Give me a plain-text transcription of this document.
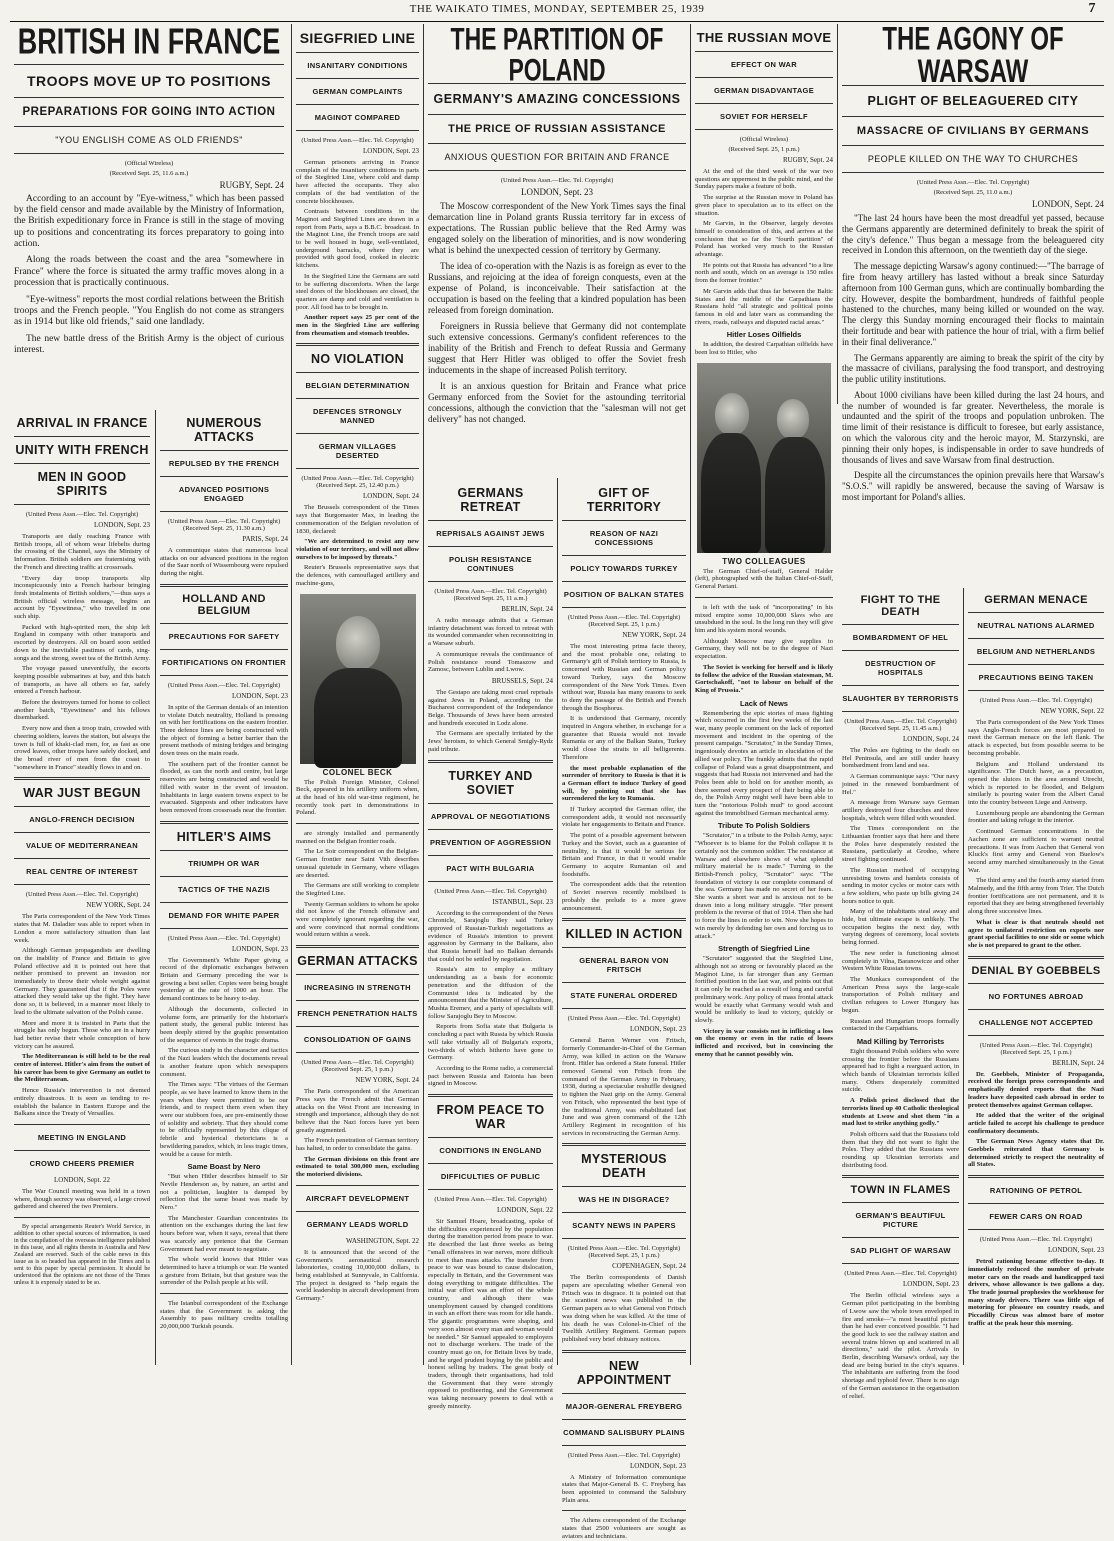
THE WAIKATO TIMES, MONDAY, SEPTEMBER 25, 1939	7
BRITISH IN FRANCE
TROOPS MOVE UP TO POSITIONS
PREPARATIONS FOR GOING INTO ACTION
"YOU ENGLISH COME AS OLD FRIENDS"
(Official Wireless)
(Received Sept. 25, 11.6 a.m.)
RUGBY, Sept. 24

According to an account by "Eye-witness," which has been passed by the field censor and made available by the Ministry of Information, the British expeditionary force in France is still in the stage of moving up to positions and concentrating its forces preparatory to going into action.

Along the roads between the coast and the area "somewhere in France" where the force is situated the army traffic moves along in a procession that is practically continuous.

"Eye-witness" reports the most cordial relations between the British troops and the French people. "You English do not come as strangers as in 1914 but like old friends," said one landlady.

The new battle dress of the British Army is the object of curious interest.

ARRIVAL IN FRANCE
UNITY WITH FRENCH
MEN IN GOOD SPIRITS
(United Press Assn.—Elec. Tel. Copyright)
LONDON, Sept. 23

Transports are daily reaching France with British troops, all of whom wear lifebelts during the crossing of the Channel, says the Ministry of Information. British soldiers are fraternising with the French and directing traffic at crossroads.

"Every day troop transports slip inconspicuously into a French harbour bringing fresh instalments of British soldiers,"—thus says a British official wireless message, begins an account by "Eyewitness," who travelled in one such ship.

Packed with high-spirited men, the ship left England in company with other transports and escorted by destroyers. All on board soon settled down to the inevitable pastimes of cards, sing-songs and the strong, sweet tea of the British Army.

The voyage passed uneventfully, the escorts keeping possible submarines at bay, and this batch of transports, as have all others so far, safely entered a French harbour.

Before the destroyers turned for home to collect another batch, "Eyewitness" and his fellows disembarked.

Every now and then a troop train, crowded with cheering soldiers, leaves the station, but always the town is full of khaki-clad men, for, as fast as one crowd leaves, other troops have safely docked, and the broad river of men from the coast to "somewhere in France" steadily flows in and on.

WAR JUST BEGUN
ANGLO-FRENCH DECISION
VALUE OF MEDITERRANEAN
REAL CENTRE OF INTEREST
(United Press Assn.—Elec. Tel. Copyright)
NEW YORK, Sept. 24

The Paris correspondent of the New York Times states that M. Daladier was able to report when in London a more satisfactory situation than last week.

Although German propagandists are dwelling on the inability of France and Britain to give Poland effective aid it is pointed out here that neither promised to prevent an invasion nor immediately to throw their whole weight against Germany. They guaranteed that if the Poles were attacked they would take up the fight. They have done so, it is believed, in a manner most likely to lead to the ultimate salvation of the Polish cause.

More and more it is insisted in Paris that the struggle has only begun. Those who are in a hurry had better revise their whole conception of how victory can be assured.

The Mediterranean is still held to be the real centre of interest. Hitler's aim from the outset of his career has been to give Germany an outlet to the Mediterranean.

Hence Russia's intervention is not deemed entirely disastrous. It is seen as tending to re-establish the balance in Eastern Europe and the Balkans since the Treaty of Versailles.

MEETING IN ENGLAND
CROWD CHEERS PREMIER
LONDON, Sept. 22

The War Council meeting was held in a town where, though secrecy was observed, a large crowd gathered and cheered the two Premiers.

By special arrangements Reuter's World Service, in addition to other special sources of information, is used in the compilation of the overseas intelligence published in this issue, and all rights therein in Australia and New Zealand are reserved. Such of the cable news in this issue as is so headed has appeared in the Times and is sent to this paper by special permission. It should be understood that the opinions are not those of the Times unless it is expressly stated to be so.

NUMEROUS ATTACKS
REPULSED BY THE FRENCH
ADVANCED POSITIONS ENGAGED
(United Press Assn.—Elec. Tel. Copyright) (Received Sept. 25, 11.30 a.m.)
PARIS, Sept. 24

A communique states that numerous local attacks on our advanced positions in the region of the Saar north of Wissembourg were repulsed during the night.

HOLLAND AND BELGIUM
PRECAUTIONS FOR SAFETY
FORTIFICATIONS ON FRONTIER
(United Press Assn.—Elec. Tel. Copyright)
LONDON, Sept. 23

In spite of the German denials of an intention to violate Dutch neutrality, Holland is pressing on with her fortifications on the eastern frontier. Three defence lines are being constructed with the object of forming a better barrier than the present methods of mining bridges and bringing down trees on the main roads.

The southern part of the frontier cannot be flooded, as can the north and centre, but large reservoirs are being constructed and would be filled with water in the event of invasion. Inhabitants in large eastern towns expect to be evacuated. Signposts and other indicators have been removed from crossroads near the frontier.

HITLER'S AIMS
TRIUMPH OR WAR
TACTICS OF THE NAZIS
DEMAND FOR WHITE PAPER
(United Press Assn.—Elec. Tel. Copyright)
LONDON, Sept. 23

The Government's White Paper giving a record of the diplomatic exchanges between Britain and Germany preceding the war is growing a best seller. Copies were being bought yesterday at the rate of 1000 an hour. The demand continues to be heavy to-day.

Although the documents, collected in volume form, are primarily for the historian's patient study, the general public interest has been deeply stirred by the graphic presentation of the sequence of events in the tragic drama.

The curious study in the character and tactics of the Nazi leaders which the documents reveal is another feature upon which newspapers comment.

The Times says: "The virtues of the German people, as we have learned to know them in the years when they were permitted to be our friends, and to respect them even when they were our stubborn foes, are pre-eminently those of solidity and sobriety. That they should come to be officially represented by this clique of febrile and hysterical rhetoricians is a bewildering paradox, which, in less tragic times, would be a cause for mirth.

Same Boast by Nero

"But when Hitler describes himself to Sir Nevile Henderson as, by nature, an artist and not a politician, laughter is damped by reflection that the same boast was made by Nero."

The Manchester Guardian concentrates its attention on the exchanges during the last few hours before war, when it says, reveal that there was scarcely any pretence that the German Government had ever meant to negotiate.

The whole world knows that Hitler was determined to have a triumph or war. He wanted a gesture from Britain, but that gesture was the surrender of the Polish people at his will.

The Istanbul correspondent of the Exchange states that the Government is asking the Assembly to pass military credits totalling 20,000,000 Turkish pounds.

SIEGFRIED LINE
INSANITARY CONDITIONS
GERMAN COMPLAINTS
MAGINOT COMPARED
(United Press Assn.—Elec. Tel. Copyright)
LONDON, Sept. 23

German prisoners arriving in France complain of the insanitary conditions in parts of the Siegfried Line, where cold and damp have affected the occupants. They also complain of the bad ventilation of the concrete blockhouses.

Contrasts between conditions in the Maginot and Siegfried Lines are drawn in a report from Paris, says a B.B.C. broadcast. In the Maginot Line, the French troops are said to be well housed in huge, well-ventilated, underground barracks, where they are provided with good food, cooked in electric kitchens.

In the Siegfried Line the Germans are said to be suffering discomforts. When the large steel doors of the blockhouses are closed, the quarters are damp and cold and ventilation is poor. All food has to be brought in.

Another report says 25 per cent of the men in the Siegfried Line are suffering from rheumatism and stomach troubles.

NO VIOLATION
BELGIAN DETERMINATION
DEFENCES STRONGLY MANNED
GERMAN VILLAGES DESERTED
(United Press Assn.—Elec. Tel. Copyright) (Received Sept. 25, 12.40 p.m.)
LONDON, Sept. 24

The Brussels correspondent of the Times says that Burgomaster Max, in leading the commemoration of the Belgian revolution of 1830, declared:

"We are determined to resist any new violation of our territory, and will not allow ourselves to be imposed by threats."

Reuter's Brussels representative says that the defences, with camouflaged artillery and machine-guns,

COLONEL BECK

The Polish Foreign Minister, Colonel Beck, appeared in his artillery uniform when, at the head of his old war-time regiment, he recently took part in demonstrations in Poland.

are strongly installed and permanently manned on the Belgian frontier roads.

The Le Soir correspondent on the Belgian-German frontier near Saint Vith describes unusual quietude in Germany, where villages are deserted.

The Germans are still working to complete the Siegfried Line.

Twenty German soldiers to whom he spoke did not know of the French offensive and were completely ignorant regarding the war, and were convinced that normal conditions would return within a week.

GERMAN ATTACKS
INCREASING IN STRENGTH
FRENCH PENETRATION HALTS
CONSOLIDATION OF GAINS
(United Press Assn.—Elec. Tel. Copyright) (Received Sept. 25, 1 p.m.)
NEW YORK, Sept. 24

The Paris correspondent of the American Press says the French admit that German attacks on the West Front are increasing in strength and importance, although they do not believe that the Nazi forces have yet been greatly augmented.

The French penetration of German territory has halted, in order to consolidate the gains.

The German divisions on this front are estimated to total 300,000 men, excluding the motorised divisions.

AIRCRAFT DEVELOPMENT
GERMANY LEADS WORLD
WASHINGTON, Sept. 22

It is announced that the second of the Government's aeronautical research laboratories, costing 10,000,000 dollars, is being established at Sunnyvale, in California. The project is designed to "help regain the world leadership in aircraft development from Germany."

THE PARTITION OF POLAND
GERMANY'S AMAZING CONCESSIONS
THE PRICE OF RUSSIAN ASSISTANCE
ANXIOUS QUESTION FOR BRITAIN AND FRANCE
(United Press Assn.—Elec. Tel. Copyright)
LONDON, Sept. 23

The Moscow correspondent of the New York Times says the final demarcation line in Poland grants Russia territory far in excess of expectations. The Russian public believe that the Red Army was engaged solely on the liberation of minorities, and is now wondering what is behind the unexpected cession of territory by Germany.

The idea of co-operation with the Nazis is as foreign as ever to the Russians, and rejoicing at the idea of foreign conquests, even at the expense of Poland, is inconceivable. Their satisfaction at the occupation is based on the feeling that a kindred population has been released from foreign domination.

Foreigners in Russia believe that Germany did not contemplate such extensive concessions. Germany's confident references to the inability of the British and French to defeat Russia and Germany suggest that Herr Hitler was obliged to offer the Soviet fresh inducements in the shape of increased Polish territory.

It is an anxious question for Britain and France what price Germany enforced from the Soviet for the astounding territorial concessions, although the conviction that the "salesman will not get delivery" has not changed.

GERMANS RETREAT
REPRISALS AGAINST JEWS
POLISH RESISTANCE CONTINUES
(United Press Assn.—Elec. Tel. Copyright) (Received Sept. 25, 11 a.m.)
BERLIN, Sept. 24

A radio message admits that a German infantry detachment was forced to retreat with its wounded commander when reconnoitring in a Warsaw suburb.

A communique reveals the continuance of Polish resistance round Tomaszow and Zamosc, between Lublin and Lwow.

BRUSSELS, Sept. 24

The Gestapo are taking most cruel reprisals against Jews in Poland, according to the Bucharest correspondent of the Independance Belge. Thousands of Jews have been arrested and hundreds executed in Lodz alone.

The Germans are specially irritated by the Jews' heroism, to which General Smigly-Rydz paid tribute.

TURKEY AND SOVIET
APPROVAL OF NEGOTIATIONS
PREVENTION OF AGGRESSION
PACT WITH BULGARIA
(United Press Assn.—Elec. Tel. Copyright)
ISTANBUL, Sept. 23

According to the correspondent of the News Chronicle, Sarajoglu Bey said Turkey approved of Russian-Turkish negotiations as evidence of Russia's intention to prevent aggression by Germany in the Balkans, also that Russia herself had no Balkan demands that could not be settled by negotiation.

Russia's aim to employ a military understanding as a basis for economic penetration and the diffusion of the Communist idea is indicated by the announcement that the Minister of Agriculture, Mushta Eremev, and a party of specialists will follow Sarajoglu Bey to Moscow.

Reports from Sofia state that Bulgaria is concluding a pact with Russia by which Russia will take virtually all of Bulgaria's exports, two-thirds of which hitherto have gone to Germany.

According to the Rome radio, a commercial pact between Russia and Estonia has been signed in Moscow.

FROM PEACE TO WAR
CONDITIONS IN ENGLAND
DIFFICULTIES OF PUBLIC
(United Press Assn.—Elec. Tel. Copyright)
LONDON, Sept. 22

Sir Samuel Hoare, broadcasting, spoke of the difficulties experienced by the population during the transition period from peace to war. He described the last three weeks as being "small offensives in war nerves, more difficult to meet than mass attacks. The transfer from peace to war was bound to cause dislocation, especially in Britain, and the Government was doing everything to mitigate difficulties. The initial war effort was an effort of the whole country, and although there was unemployment caused by changed conditions in such an effort there was room for idle hands. The gigantic programmes were shaping, and very soon almost every man and woman would be needed." Sir Samuel appealed to employers not to discharge workers. The trade of the country must go on, for Britain lives by trade, and he urged prudent buying by the public and honest selling by traders. The great body of traders, through their organisations, had told the Government that they were strongly opposed to profiteering, and the Government was taking necessary powers to deal with a greedy minority.

GIFT OF TERRITORY
REASON OF NAZI CONCESSIONS
POLICY TOWARDS TURKEY
POSITION OF BALKAN STATES
(United Press Assn.—Elec. Tel. Copyright) (Received Sept. 25, 1 p.m.)
NEW YORK, Sept. 24

The most interesting prima facie theory, and the most probable one, relating to Germany's gift of Polish territory to Russia, is concerned with Russian and German policy toward Turkey, says the Moscow correspondent of the New York Times. Even without war, Russia has many reasons to seek to deny the passage of the British and French through the Bosphorus.

It is understood that Germany, recently inquired in Angora whether, in exchange for a guarantee that Russia would not invade Rumania or any of the Balkan States, Turkey would close the straits to all belligerents. Therefore

the most probable explanation of the surrender of territory to Russia is that it is a German effort to induce Turkey of good will, by pointing out that she has surrendered the key to Rumania.

If Turkey accepted the German offer, the correspondent adds, it would not necessarily violate her engagements to Britain and France.

The point of a possible agreement between Turkey and the Soviet, such as a guarantee of neutrality, is that it would be serious for Britain and France, in that it would enable Germany to acquire Rumanian oil and foodstuffs.

The correspondent adds that the retention of Soviet reserves recently mobilised is probably the prelude to a more grave announcement.

KILLED IN ACTION
GENERAL BARON VON FRITSCH
STATE FUNERAL ORDERED
(United Press Assn.—Elec. Tel. Copyright)
LONDON, Sept. 23

General Baron Werner von Fritsch, formerly Commander-in-Chief of the German Army, was killed in action on the Warsaw front. Hitler has ordered a State funeral. Hitler removed General von Fritsch from the command of the German Army in February, 1938, during a spectacular reshuffle designed to tighten the Nazi grip on the Army. General von Fritsch, who represented the best type of the traditional Army, was rehabilitated last June and was given command of the 12th Artillery Regiment in recognition of his services in reconstructing the German Army.

MYSTERIOUS DEATH
WAS HE IN DISGRACE?
SCANTY NEWS IN PAPERS
(United Press Assn.—Elec. Tel. Copyright) (Received Sept. 25, 1 p.m.)
COPENHAGEN, Sept. 24

The Berlin correspondents of Danish papers are speculating whether General von Fritsch was in disgrace. It is pointed out that the scantiest news was published in the German papers as to what General von Fritsch was doing when he was killed. At the time of his death he was Colonel-in-Chief of the Twelfth Artillery Regiment. German papers published very brief obituary notices.

NEW APPOINTMENT
MAJOR-GENERAL FREYBERG
COMMAND SALISBURY PLAINS
(United Press Assn.—Elec. Tel. Copyright)
LONDON, Sept. 23

A Ministry of Information communique states that Major-General B. C. Freyberg has been appointed to command the Salisbury Plain area.

The Athens correspondent of the Exchange states that 2500 volunteers are sought as aviators and technicians.

THE RUSSIAN MOVE
EFFECT ON WAR
GERMAN DISADVANTAGE
SOVIET FOR HERSELF
(Official Wireless)
(Received Sept. 25, 1 p.m.)
RUGBY, Sept. 24

At the end of the third week of the war two questions are uppermost in the public mind, and the Sunday papers make a feature of both.

The surprise at the Russian move in Poland has given place to speculation as to its effect on the situation.

Mr Garvin, in the Observer, largely devotes himself to consideration of this, and arrives at the conclusion that so far the "fourth partition" of Poland has worked very much to the Russian advantage.

He points out that Russia has advanced "to a line north and south, which on an average is 150 miles from the former frontier."

Mr Garvin adds that thus far between the Baltic States and the middle of the Carpathians the Russians hold "all strategic and political points famous in old and later wars as commanding the rivers, roads, railways and disputed racial areas."

Hitler Loses Oilfields

In addition, the desired Carpathian oilfields have been lost to Hitler, who

TWO COLLEAGUES

The German Chief-of-staff, General Halder (left), photographed with the Italian Chief-of-Staff, General Pariani.

is left with the task of "incorporating" in his mixed empire some 10,000,000 Slavs who are unsubdued in the soul. In the long run they will give him and his system moral wounds.

Although Moscow may give supplies to Germany, they will not be to the degree of Nazi expectation.

The Soviet is working for herself and is likely to follow the advice of the Russian statesman, M. Gortschakoff, "not to labour on behalf of the King of Prussia."

Lack of News

Remembering the epic stories of mass fighting which occurred in the first few weeks of the last war, many people comment on the lack of reported movement and incident in the opening of the present campaign. "Scrutator," in the Sunday Times, ingeniously devotes an article in elucidation of the allied war policy. The frankly admits that the rapid collapse of Poland was a great disappointment, and suggests that had Russia not intervened and had the Poles been able to hold on for another month, as there seemed every prospect of their being able to do, the Polish Army might well have been able to turn the "notorious Polish mud" to good account against the immobilised German mechanical army.

Tribute To Polish Soldiers

"Scrutator," in a tribute to the Polish Army, says: "Whoever is to blame for the Polish collapse it is certainly not the common soldier. The resistance at Warsaw and elsewhere shows of what splendid military material he is made." Turning to the British-French policy, "Scrutator" says: "The foundation of victory is our complete command of the sea. Germany has made no secret of her fears. She wants a short war and is anxious not to be drawn into a long military struggle. "Her present problem is the reverse of that of 1914. Then she had to force the lines in order to win. Now she hopes to win merely by defending her own and forcing us to attack."

Strength of Siegfried Line

"Scrutator" suggested that the Siegfried Line, although not so strong or favourably placed as the Maginot Line, is far stronger than any German fortified position in the last war, and points out that it can only be reached as a result of long and careful preliminary work. Any policy of mass frontal attack would be exactly what Germany would wish and would be unlikely to lead to victory, quickly or slowly.

Victory in war consists not in inflicting a loss on the enemy or even in the ratio of losses inflicted and received, but in convincing the enemy that he cannot possibly win.

THE AGONY OF WARSAW
PLIGHT OF BELEAGUERED CITY
MASSACRE OF CIVILIANS BY GERMANS
PEOPLE KILLED ON THE WAY TO CHURCHES
(United Press Assn.—Elec. Tel. Copyright)
(Received Sept. 25, 11.0 a.m.)
LONDON, Sept. 24

"The last 24 hours have been the most dreadful yet passed, because the Germans apparently are determined definitely to break the spirit of the city's defence." Thus began a message from the beleaguered city received in London this afternoon, on the twentieth day of the siege.

The message depicting Warsaw's agony continued:—"The barrage of fire from heavy artillery has lasted without a break since Saturday afternoon from 100 German guns, which are continually bombarding the city. However, despite the bombardment, hundreds of faithful people hastened to the churches, many being killed or wounded on the way. The clergy this Sunday morning encouraged their flocks to maintain their fortitude and bear with patience the hour of trial, with a firm belief in their final deliverance."

The Germans apparently are aiming to break the spirit of the city by the massacre of civilians, paralysing the food transport, and destroying the public utility institutions.

About 1000 civilians have been killed during the last 24 hours, and the number of wounded is far greater. Nevertheless, the morale is undaunted and the spirit of the troops and population unbroken. The time limit of their resistance is difficult to foresee, but early assistance, on which the valorous city and the heroic mayor, M. Starzynski, are pinning their only hopes, is indispensable in order to save hundreds of thousands of lives and save Warsaw from final destruction.

Despite all the circumstances the opinion prevails here that Warsaw's "S.O.S." will rapidly be answered, because the saving of Warsaw is most important for Poland's allies.

FIGHT TO THE DEATH
BOMBARDMENT OF HEL
DESTRUCTION OF HOSPITALS
SLAUGHTER BY TERRORISTS
(United Press Assn.—Elec. Tel. Copyright) (Received Sept. 25, 11.45 a.m.)
LONDON, Sept. 24

The Poles are fighting to the death on Hel Peninsula, and are still under heavy bombardment from land and sea.

A German communique says: "Our navy joined in the renewed bombardment of Hel."

A message from Warsaw says German artillery destroyed four churches and three hospitals, which were filled with wounded.

The Times correspondent on the Lithuanian frontier says that here and there the Poles have desperately resisted the Russians, particularly at Grodno, where street fighting continued.

The Russian method of occupying unresisting towns and hamlets consists of sending in motor cycles or motor cars with a few soldiers, who paste up bills giving 24 hours notice to quit.

Many of the inhabitants steal away and hide, but ultimate escape is unlikely. The occupation begins the next day, with varying degrees of ceremony, local soviets being formed.

The new order is functioning almost completely in Vilna, Baranowicze and other Western White Russian towns.

The Munkacs correspondent of the American Press says the large-scale transportation of Polish military and civilian refugees to Lower Hungary has begun.

Russian and Hungarian troops formally contacted in the Carpathians.

Mad Killing by Terrorists

Eight thousand Polish soldiers who were crossing the frontier before the Russians appeared had to fight a rearguard action, in which bands of Ukrainian terrorists killed many. Others desperately committed suicide.

A Polish priest disclosed that the terrorists lined up 40 Catholic theological students at Lwow and shot them "in a mad lust to strike anything godly."

Polish officers said that the Russians told them that they did not want to fight the Poles. They added that the Russians were rounding up Ukrainian terrorists and distributing food.

TOWN IN FLAMES
GERMAN'S BEAUTIFUL PICTURE
SAD PLIGHT OF WARSAW
(United Press Assn.—Elec. Tel. Copyright)
LONDON, Sept. 23

The Berlin official wireless says a German pilot participating in the bombing of Lwow saw the whole town enveloped in fire and smoke—"a most beautiful picture than he had ever conceived possible. "I had the good luck to see the railway station and several trains blown up and scattered in all directions," said the pilot. Arrivals in Berlin, describing Warsaw's ordeal, say the dead are being buried in the city's squares. The inhabitants are suffering from the food shortage and typhoid fever. There is no sign of the German assistance in the organisation of relief.

GERMAN MENACE
NEUTRAL NATIONS ALARMED
BELGIUM AND NETHERLANDS
PRECAUTIONS BEING TAKEN
(United Press Assn.—Elec. Tel. Copyright)
NEW YORK, Sept. 22

The Paris correspondent of the New York Times says Anglo-French forces are most prepared to meet the German menace on the left flank. The attack is expected, but from possible seems to be becoming probable.

Belgium and Holland understand its significance. The Dutch have, as a precaution, opened the sluices in the area around Utrecht, which is reported to be flooded, and Belgium similarly is pouring water from the Albert Canal into the country between Liege and Antwerp.

Luxembourg people are abandoning the German frontier and taking refuge in the interior.

Continued German concentrations in the Aachen zone are sufficient to warrant neutral precautions. It was from Aachen that General von Kluck's first army and General von Buelow's second army marched simultaneously in the Great War.

The third army and the fourth army started from Malmedy, and the fifth army from Trier. The Dutch frontier fortifications are not permanent, and it is reported that they are being strengthened feverishly along three successive lines.

What is clear is that neutrals should not agree to unilateral restriction on exports nor grant special facilities to one side or some which she is not prepared to grant to the other.

DENIAL BY GOEBBELS
NO FORTUNES ABROAD
CHALLENGE NOT ACCEPTED
(United Press Assn.—Elec. Tel. Copyright) (Received Sept. 25, 1 p.m.)
BERLIN, Sept. 24

Dr. Goebbels, Minister of Propaganda, received the foreign press correspondents and emphatically denied reports that the Nazi leaders have deposited cash abroad in order to protect themselves against German collapse.

He added that the writer of the original article failed to accept his challenge to produce confirmatory documents.

The German News Agency states that Dr. Goebbels reiterated that Germany is determined strictly to respect the neutrality of all States.

RATIONING OF PETROL
FEWER CARS ON ROAD
(United Press Assn.—Elec. Tel. Copyright)
LONDON, Sept. 23

Petrol rationing became effective to-day. It immediately reduced the number of private motor cars on the roads and handicapped taxi drivers, whose allowance is two gallons a day. The trade journal prophesies the workhouse for many steady drivers. There was little sign of motoring for pleasure on country roads, and Piccadilly Circus was almost bare of motor traffic at the peak hour this morning.
